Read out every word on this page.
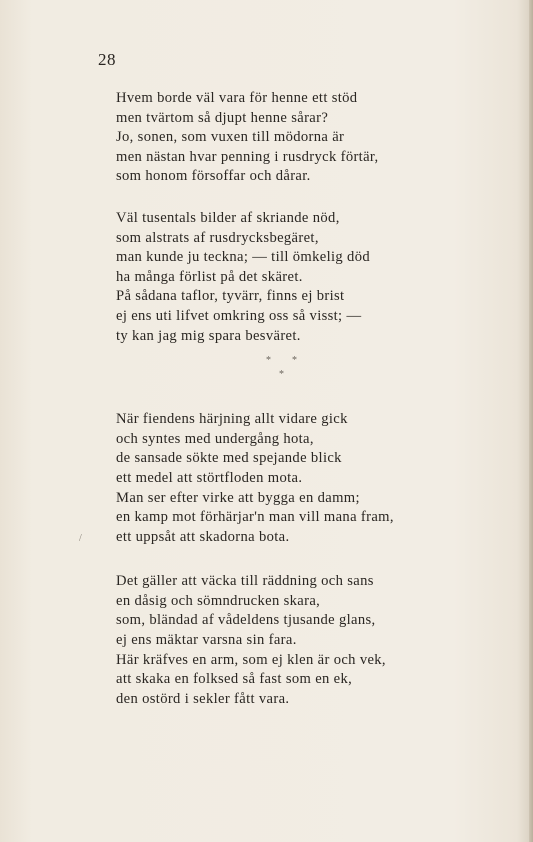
28
/
Hvem borde väl vara för henne ett stöd
men tvärtom så djupt henne sårar?
Jo, sonen, som vuxen till mödorna är
men nästan hvar penning i rusdryck förtär,
som honom försoffar och dårar.
Väl tusentals bilder af skriande nöd,
som alstrats af rusdrycksbegäret,
man kunde ju teckna; — till ömkelig död
ha många förlist på det skäret.
På sådana taflor, tyvärr, finns ej brist
ej ens uti lifvet omkring oss så visst; —
ty kan jag mig spara besväret.
* *
*
När fiendens härjning allt vidare gick
och syntes med undergång hota,
de sansade sökte med spejande blick
ett medel att störtfloden mota.
Man ser efter virke att bygga en damm;
en kamp mot förhärjar'n man vill mana fram,
ett uppsåt att skadorna bota.
Det gäller att väcka till räddning och sans
en dåsig och sömndrucken skara,
som, bländad af vådeldens tjusande glans,
ej ens mäktar varsna sin fara.
Här kräfves en arm, som ej klen är och vek,
att skaka en folksed så fast som en ek,
den ostörd i sekler fått vara.
